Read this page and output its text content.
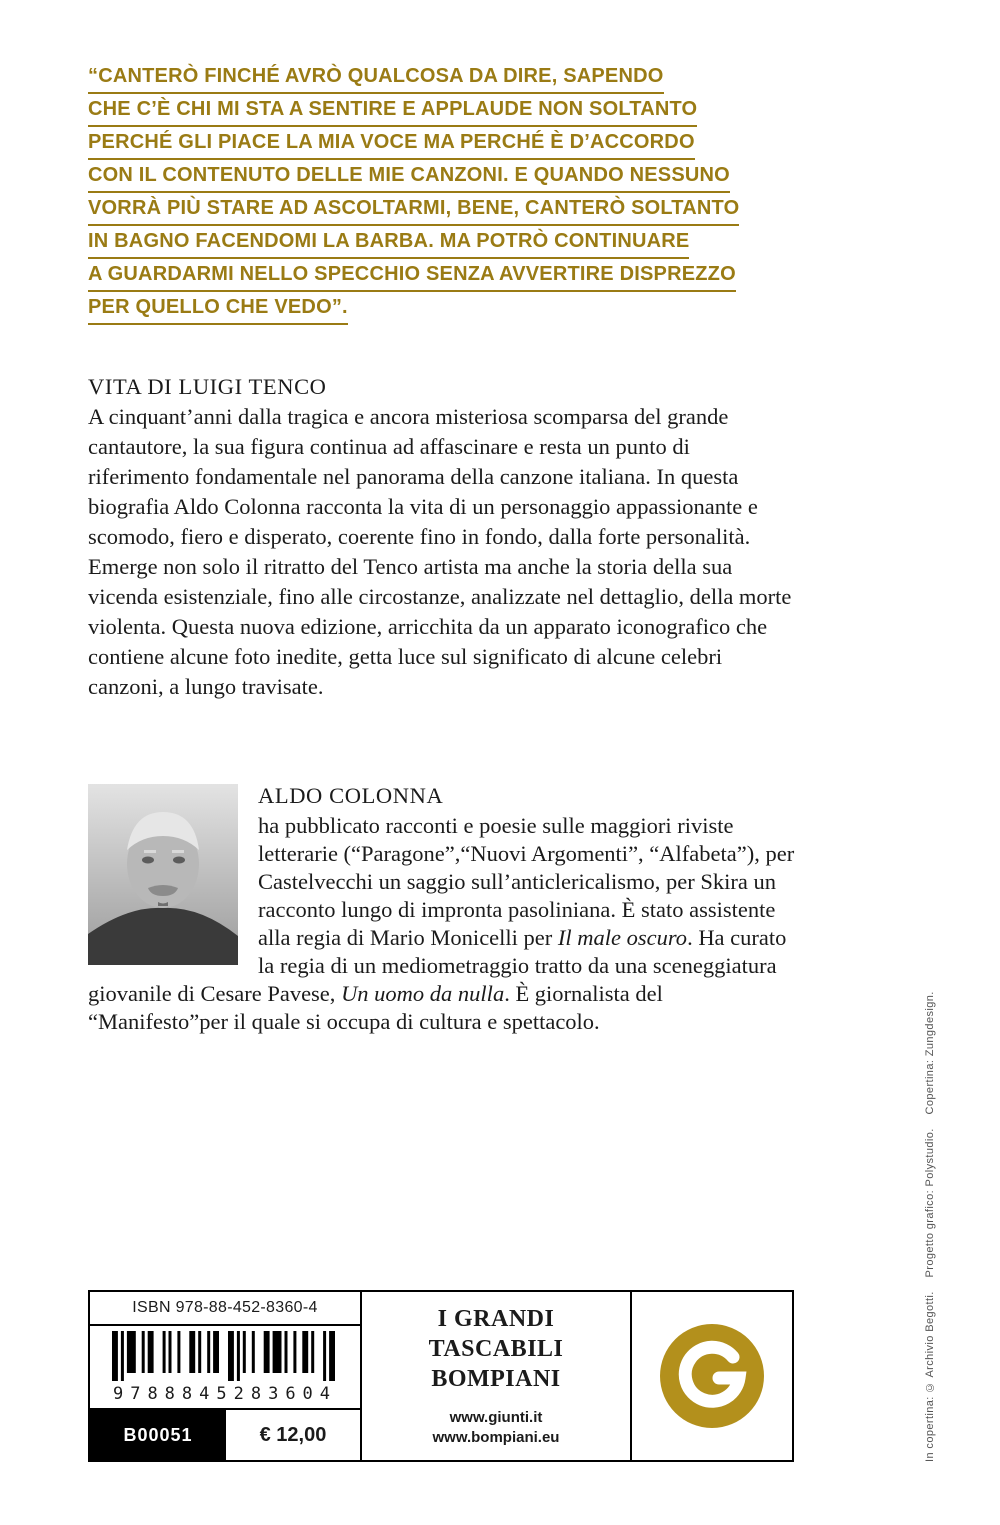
“CANTERÒ FINCHÉ AVRÒ QUALCOSA DA DIRE, SAPENDO
CHE C’È CHI MI STA A SENTIRE E APPLAUDE NON SOLTANTO
PERCHÉ GLI PIACE LA MIA VOCE MA PERCHÉ È D’ACCORDO
CON IL CONTENUTO DELLE MIE CANZONI. E QUANDO NESSUNO
VORRÀ PIÙ STARE AD ASCOLTARMI, BENE, CANTERÒ SOLTANTO
IN BAGNO FACENDOMI LA BARBA. MA POTRÒ CONTINUARE
A GUARDARMI NELLO SPECCHIO SENZA AVVERTIRE DISPREZZO
PER QUELLO CHE VEDO”.
VITA DI LUIGI TENCO
A cinquant’anni dalla tragica e ancora misteriosa scomparsa del grande cantautore, la sua figura continua ad affascinare e resta un punto di riferimento fondamentale nel panorama della canzone italiana. In questa biografia Aldo Colonna racconta la vita di un personaggio appassionante e scomodo, fiero e disperato, coerente fino in fondo, dalla forte personalità. Emerge non solo il ritratto del Tenco artista ma anche la storia della sua vicenda esistenziale, fino alle circostanze, analizzate nel dettaglio, della morte violenta. Questa nuova edizione, arricchita da un apparato iconografico che contiene alcune foto inedite, getta luce sul significato di alcune celebri canzoni, a lungo travisate.
ALDO COLONNA
ha pubblicato racconti e poesie sulle maggiori riviste letterarie (“Paragone”,“Nuovi Argomenti”, “Alfabeta”), per Castelvecchi un saggio sull’anticlericalismo, per Skira un racconto lungo di impronta pasoliniana. È stato assistente alla regia di Mario Monicelli per Il male oscuro. Ha curato la regia di un mediometraggio tratto da una sceneggiatura giovanile di Cesare Pavese, Un uomo da nulla. È giornalista del “Manifesto”per il quale si occupa di cultura e spettacolo.
ISBN 978-88-452-8360-4
9788845283604
B00051	€ 12,00
I GRANDI
TASCABILI
BOMPIANI
www.giunti.it
www.bompiani.eu	In copertina: © Archivio Begotti.    Progetto grafico: Polystudio.    Copertina: Zungdesign.
